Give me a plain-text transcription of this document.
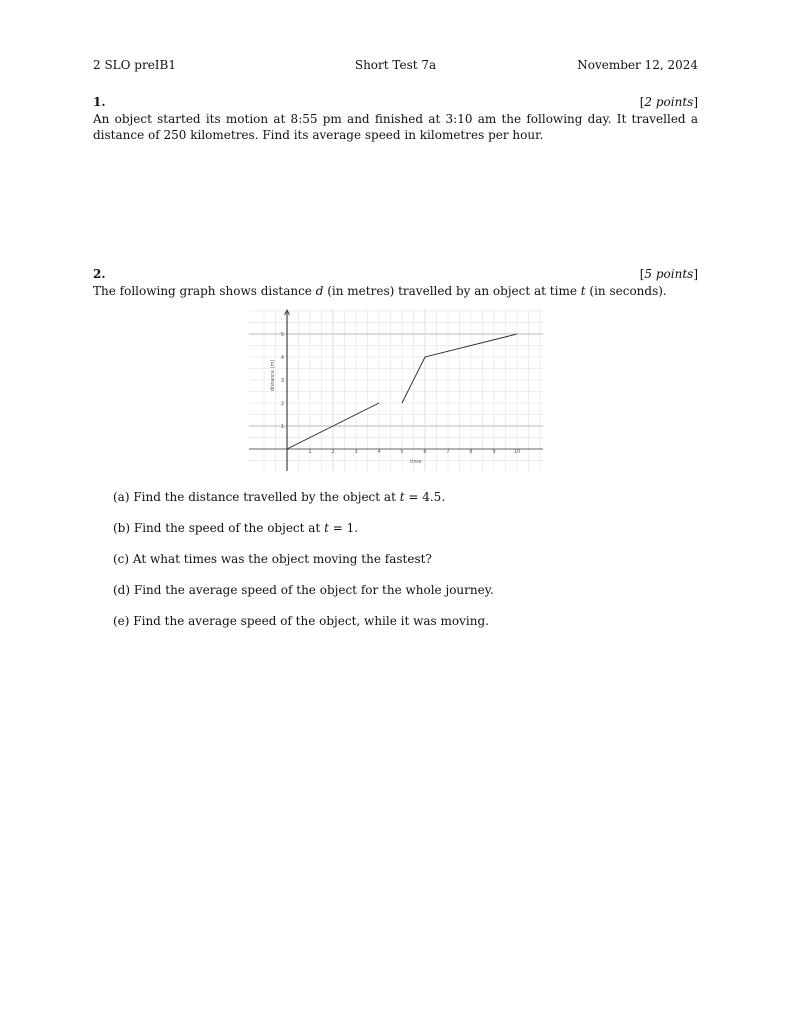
2 SLO preIB1	Short Test 7a	November 12, 2024
1.	[2 points]
An object started its motion at 8:55 pm and finished at 3:10 am the following day. It travelled a distance of 250 kilometres. Find its average speed in kilometres per hour.
2.	[5 points]
The following graph shows distance d (in metres) travelled by an object at time t (in seconds).
1	2	3	4	5	6	7	8	9	10
1
2
3
4
5
time
distance (m)
(a) Find the distance travelled by the object at t = 4.5.
(b) Find the speed of the object at t = 1.
(c) At what times was the object moving the fastest?
(d) Find the average speed of the object for the whole journey.
(e) Find the average speed of the object, while it was moving.
